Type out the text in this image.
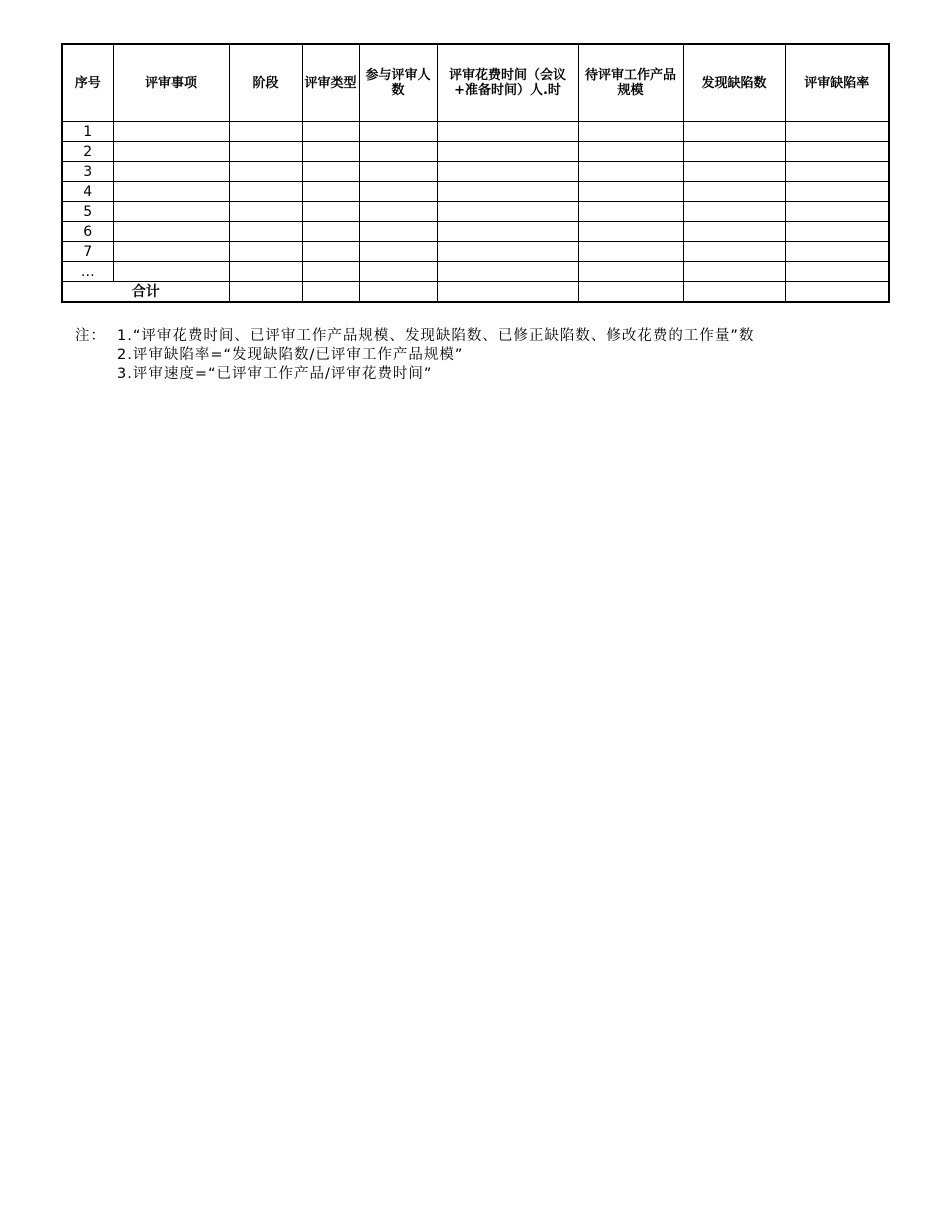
序号	评审事项	阶段	评审类型	参与评审人数	评审花费时间（会议+准备时间）人.时	待评审工作产品规模	发现缺陷数	评审缺陷率
1								
2								
3								
4								
5								
6								
7								
…								
合计								
注： 1.“评审花费时间、已评审工作产品规模、发现缺陷数、已修正缺陷数、修改花费的工作量”数
2.评审缺陷率=“发现缺陷数/已评审工作产品规模”
3.评审速度=“已评审工作产品/评审花费时间”
